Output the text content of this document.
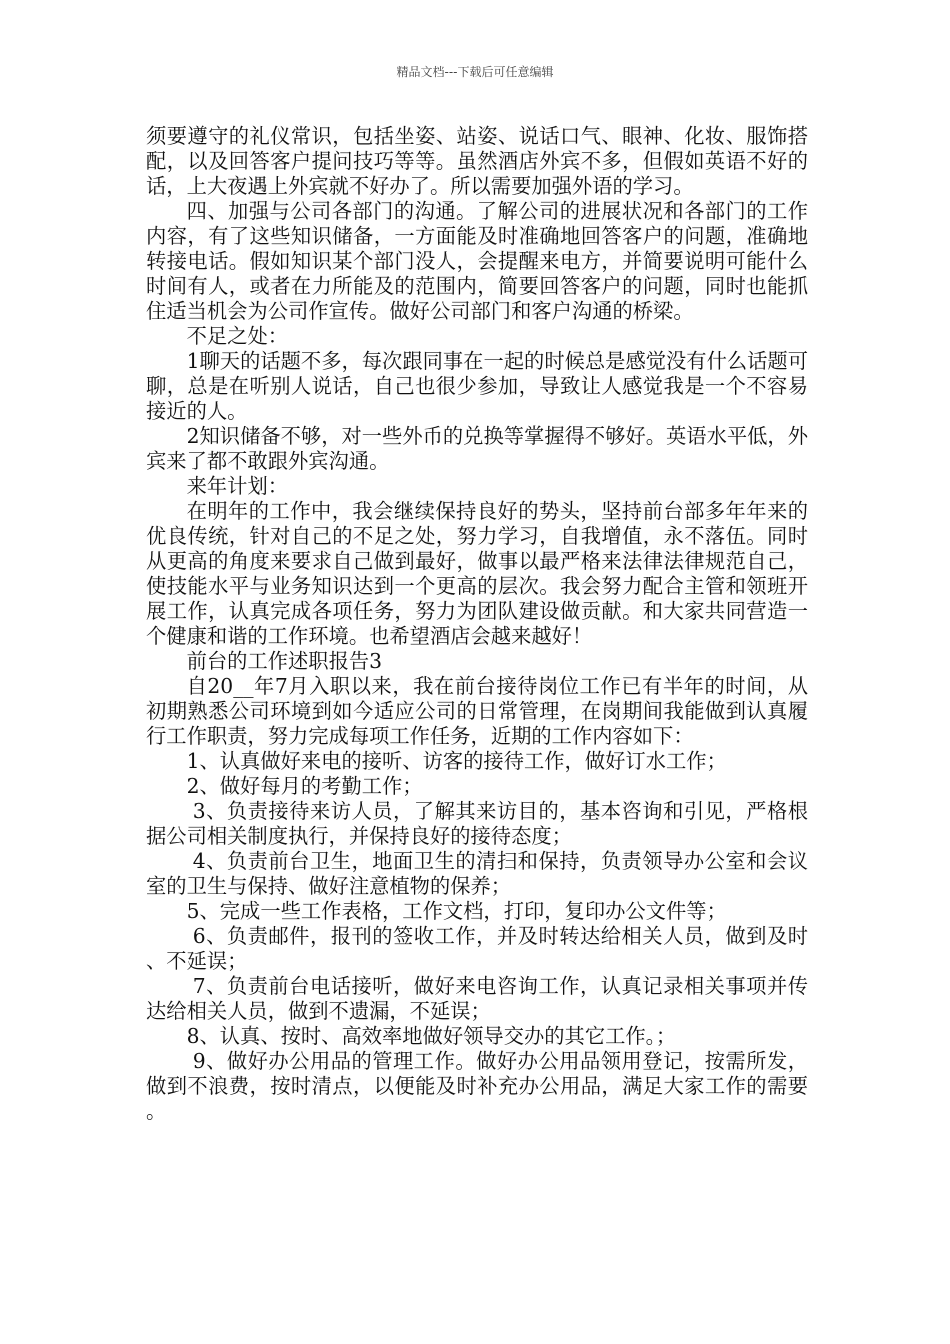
精品文档---下载后可任意编辑

须要遵守的礼仪常识，包括坐姿、站姿、说话口气、眼神、化妆、服饰搭配，以及回答客户提问技巧等等。虽然酒店外宾不多，但假如英语不好的话，上大夜遇上外宾就不好办了。所以需要加强外语的学习。

四、加强与公司各部门的沟通。了解公司的进展状况和各部门的工作内容，有了这些知识储备，一方面能及时准确地回答客户的问题，准确地转接电话。假如知识某个部门没人，会提醒来电方，并简要说明可能什么时间有人，或者在力所能及的范围内，简要回答客户的问题，同时也能抓住适当机会为公司作宣传。做好公司部门和客户沟通的桥梁。

不足之处：

1聊天的话题不多，每次跟同事在一起的时候总是感觉没有什么话题可聊，总是在听别人说话，自己也很少参加，导致让人感觉我是一个不容易接近的人。

2知识储备不够，对一些外币的兑换等掌握得不够好。英语水平低，外宾来了都不敢跟外宾沟通。

来年计划：

在明年的工作中，我会继续保持良好的势头，坚持前台部多年年来的优良传统，针对自己的不足之处，努力学习，自我增值，永不落伍。同时从更高的角度来要求自己做到最好，做事以最严格来法律法律规范自己，使技能水平与业务知识达到一个更高的层次。我会努力配合主管和领班开展工作，认真完成各项任务，努力为团队建设做贡献。和大家共同营造一个健康和谐的工作环境。也希望酒店会越来越好！

前台的工作述职报告3

自20__年7月入职以来，我在前台接待岗位工作已有半年的时间，从初期熟悉公司环境到如今适应公司的日常管理，在岗期间我能做到认真履行工作职责，努力完成每项工作任务，近期的工作内容如下：

1、认真做好来电的接听、访客的接待工作，做好订水工作；

2、做好每月的考勤工作；

3、负责接待来访人员，了解其来访目的，基本咨询和引见，严格根据公司相关制度执行，并保持良好的接待态度；

4、负责前台卫生，地面卫生的清扫和保持，负责领导办公室和会议室的卫生与保持、做好注意植物的保养；

5、完成一些工作表格，工作文档，打印，复印办公文件等；

6、负责邮件，报刊的签收工作，并及时转达给相关人员，做到及时、不延误；

7、负责前台电话接听，做好来电咨询工作，认真记录相关事项并传达给相关人员，做到不遗漏，不延误；

8、认真、按时、高效率地做好领导交办的其它工作。；

9、做好办公用品的管理工作。做好办公用品领用登记，按需所发，做到不浪费，按时清点，以便能及时补充办公用品，满足大家工作的需要。
